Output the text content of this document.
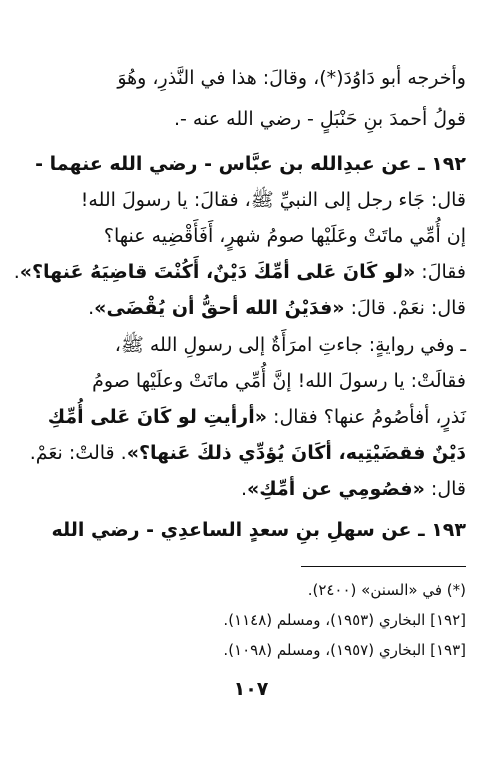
وأخرجه أبو دَاوُدَ(*)، وقالَ: هذا في النَّذرِ، وهُوَ
قولُ أحمدَ بنِ حَنْبَلٍ - رضي الله عنه -.
١٩٢ ـ عن عبدِالله بن عبَّاس - رضي الله عنهما -
قال: جَاء رجل إلى النبيِّ ﷺ، فقالَ: يا رسولَ الله!
إن أُمِّي ماتَتْ وعَلَيْها صومُ شهرٍ، أَفَأَقْضِيه عنها؟
فقالَ: «لو كَانَ عَلى أمِّكَ دَيْنٌ، أَكُنْتَ قاضِيَهُ عَنها؟».
قال: نعَمْ. قالَ: «فدَيْنُ الله أحقُّ أن يُقْضَى».
ـ وفي روايةٍ: جاءتِ امرَأَةٌ إلى رسولِ الله ﷺ،
فقالَتْ: يا رسولَ الله! إنَّ أُمِّي ماتَتْ وعلَيْها صومُ
نَذرٍ، أفأصُومُ عنها؟ فقال: «أرأيتِ لو كَانَ عَلى أُمِّكِ
دَيْنٌ فقضَيْتِيه، أكَانَ يُؤدِّي ذلكَ عَنها؟». قالتْ: نعَمْ.
قال: «فصُومِي عن أمِّكِ».
١٩٣ ـ عن سهلِ بنِ سعدٍ الساعدِي - رضي الله
(*) في «السنن» (٢٤٠٠).
[١٩٢] البخاري (١٩٥٣)، ومسلم (١١٤٨).
[١٩٣] البخاري (١٩٥٧)، ومسلم (١٠٩٨).
١٠٧
